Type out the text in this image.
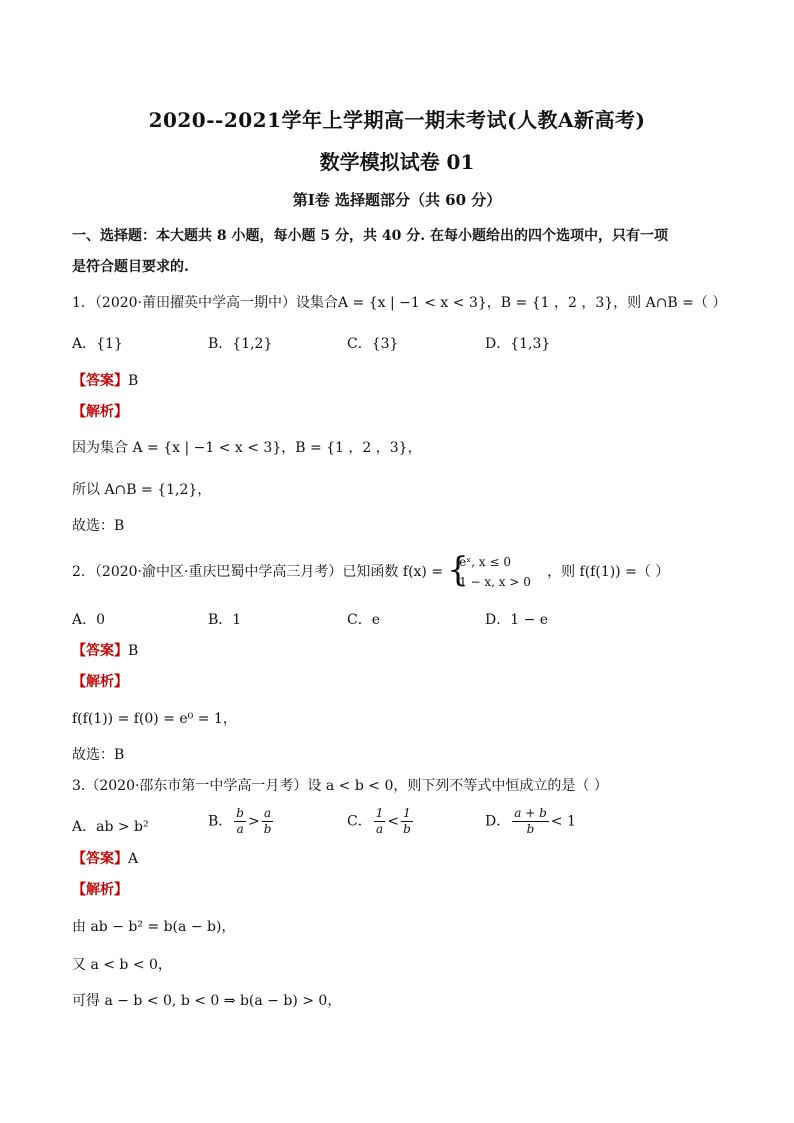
2020--2021学年上学期高一期末考试(人教A新高考)
数学模拟试卷 01
第Ⅰ卷 选择题部分（共 60 分）
一、选择题：本大题共 8 小题，每小题 5 分，共 40 分. 在每小题给出的四个选项中，只有一项
是符合题目要求的.
1．（2020·莆田擢英中学高一期中）设集合A = {x | −1 < x < 3}，B = {1 ，2 ，3}，则 A∩B =（ ）
A．{1}	B．{1,2}	C．{3}	D．{1,3}
【答案】B
【解析】
因为集合 A = {x | −1 < x < 3}，B = {1 ，2 ，3}，
所以 A∩B = {1,2}，
故选：B
2．（2020·渝中区·重庆巴蜀中学高三月考）已知函数 f(x) = {
eˣ, x ≤ 0
1 − x, x > 0
，则 f(f(1)) =（ ）
A．0	B．1	C．e	D．1 − e
【答案】B
【解析】
f(f(1)) = f(0) = e⁰ = 1，
故选：B
3.（2020·邵东市第一中学高一月考）设 a < b < 0，则下列不等式中恒成立的是（ ）
A．ab > b²	B． $\frac{b}{a} > \frac{a}{b}$	C． $\frac{1}{a} < \frac{1}{b}$	D． $\frac{a + b}{b} < 1$
【答案】A
【解析】
由 ab − b² = b(a − b)，
又 a < b < 0，
可得 a − b < 0, b < 0 ⇒ b(a − b) > 0，
